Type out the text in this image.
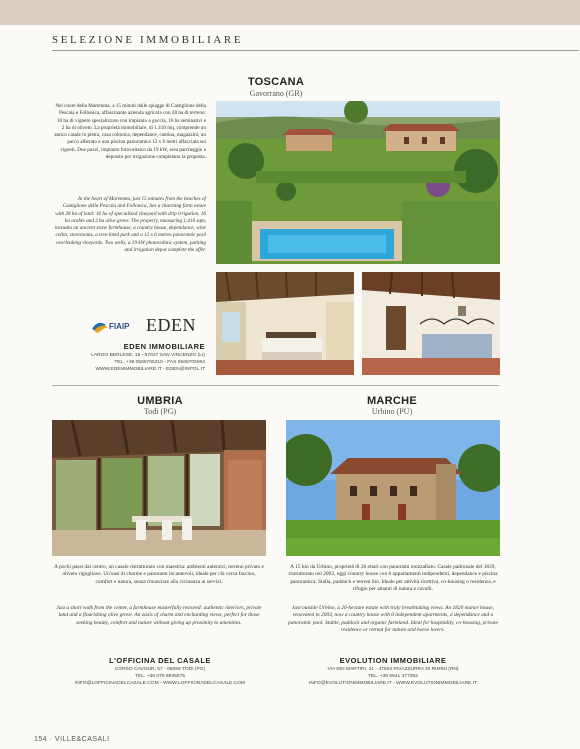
SELEZIONE IMMOBILIARE
TOSCANA
Gavorrano (GR)
Nel cuore della Maremma, a 15 minuti dalle spiagge di Castiglione della Pescaia e Follonica, affascinante azienda agricola con 28 ha di terreno: 10 ha di vigneto specializzato con impianto a goccia, 16 ha seminativi e 2 ha di oliveto. La proprietà immobiliare, di 1.410 mq, comprende un antico casale in pietra, casa colonica, dependance, cantina, magazzini, un parco alberato e una piscina panoramica 12 x 6 metri affacciata sui vigneti. Due pozzi, impianto fotovoltaico da 19 kW, area parcheggio e deposito per irrigazione completano la proposta.
In the heart of Maremma, just 15 minutes from the beaches of Castiglione della Pescaia and Follonica, lies a charming farm estate with 28 ha of land: 10 ha of specialized vineyard with drip irrigation, 16 ha arable and 2 ha olive grove. The property, measuring 1,410 sqm, includes an ancient stone farmhouse, a country house, dependance, wine cellar, storerooms, a tree-lined park and a 12 x 6 metres panoramic pool overlooking vineyards. Two wells, a 19 kW photovoltaic system, parking and irrigation depot complete the offer.
FIAIP EDEN
EDEN IMMOBILIARE
LARGO BERLESE, 15 - 57027 SAN VINCENZO (LI)
TEL. +39 0565705210 - FAX 0565705064
WWW.EDENIMMOBILIARE.IT - EDEN@INPOL.IT
UMBRIA
Todi (PG)
A pochi passi dal centro, un casale ristrutturato con maestria: ambienti autentici, terreno privato e oliveto rigoglioso. Un'oasi di charme e panorami incantevoli, ideale per chi cerca fascino, comfort e natura, senza rinunciare alla vicinanza ai servizi.
Just a short walk from the center, a farmhouse masterfully restored: authentic interiors, private land and a flourishing olive grove. An oasis of charm and enchanting views, perfect for those seeking beauty, comfort and nature without giving up proximity to amenities.
L'OFFICINA DEL CASALE
CORSO CAVOUR, 57 - 06059 TODI (PG)
TEL. +39 075 8945075
INFO@LOFFICINADELCASALE.COM - WWW.LOFFICINADELCASALE.COM
MARCHE
Urbino (PU)
A 15 km da Urbino, proprietà di 26 ettari con panorami mozzafiato. Casale padronale del 1820, ristrutturato nel 2003, oggi country house con 6 appartamenti indipendenti, dependance e piscina panoramica. Stalla, paddock e terreni bio. Ideale per attività ricettiva, co-housing o residenza, e rifugio per amanti di natura e cavalli.
Just outside Urbino, a 26-hectare estate with truly breathtaking views. An 1820 manor house, renovated in 2003, now a country house with 6 independent apartments, a dependance and a panoramic pool. Stable, paddock and organic farmland. Ideal for hospitality, co-housing, private residence or retreat for nature and horse lovers.
EVOLUTION IMMOBILIARE
VIA DEI MARTIRI, 21 - 47924 RIVAZZURRA DI RIMINI (RN)
TEL. +39 0541 377352
INFO@EVOLUTIONIMMOBILIARE.IT - WWW.EVOLUTIONIMMOBILIARE.IT
154 · VILLE&CASALI
